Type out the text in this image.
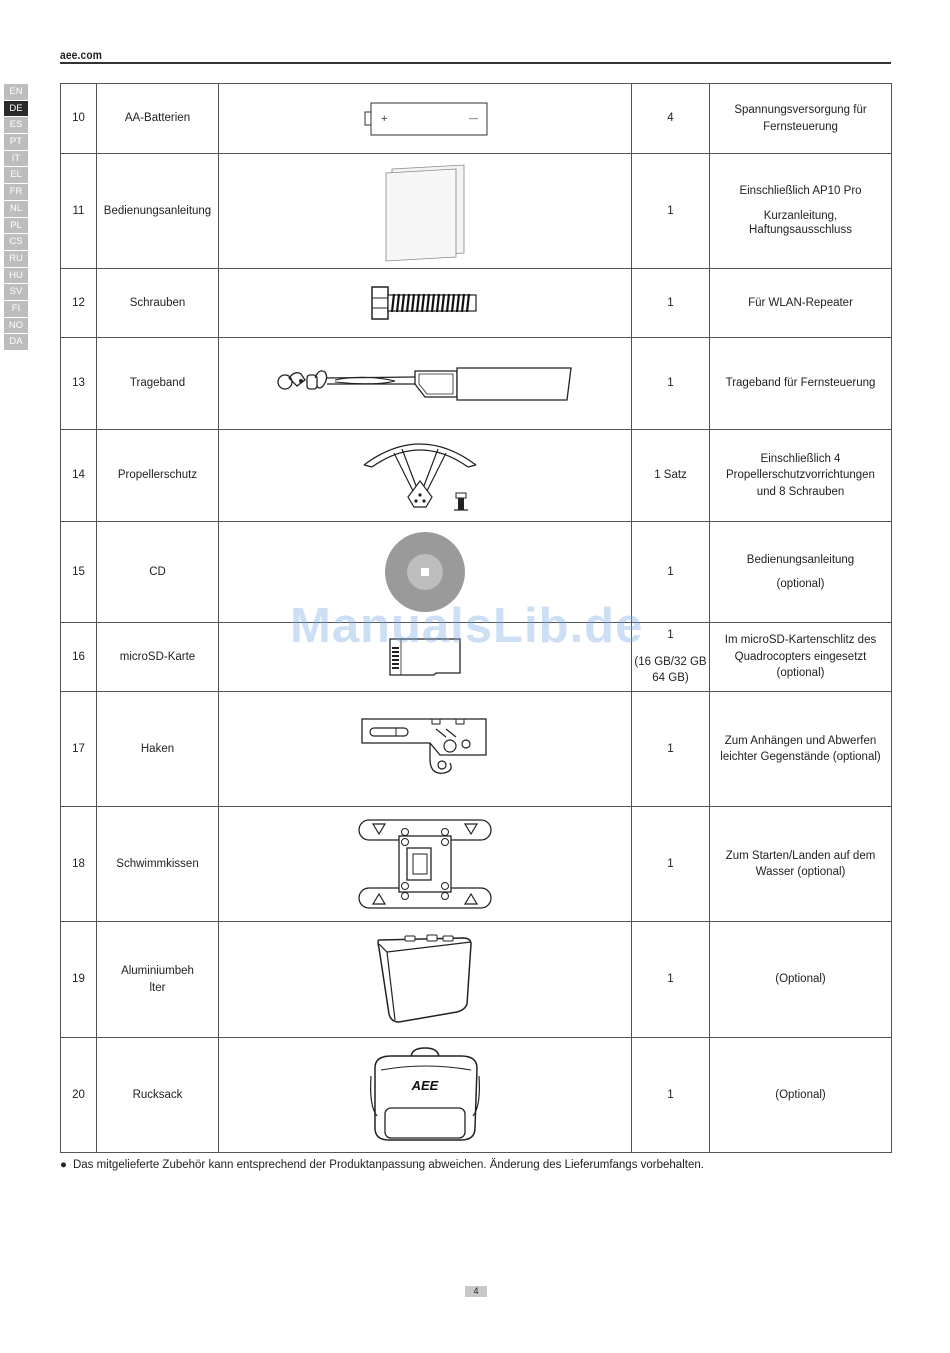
aee.com
EN
DE
ES
PT
IT
EL
FR
NL
PL
CS
RU
HU
SV
FI
NO
DA
10	AA-Batterien	+ —	4	Spannungsversorgung für
Fernsteuerung

11	Bedienungsanleitung		1	Einschließlich AP10 Pro
Kurzanleitung, Haftungsausschluss

12	Schrauben		1	Für WLAN-Repeater
13	Trageband		1	Trageband für Fernsteuerung
14	Propellerschutz		1 Satz	Einschließlich 4
Propellerschutzvorrichtungen
und 8 Schrauben

15	CD		1	Bedienungsanleitung
(optional)

16	microSD-Karte		1
(16 GB/32 GB
64 GB)	Im microSD-Kartenschlitz des
Quadrocopters eingesetzt
(optional)

17	Haken		1	Zum Anhängen und Abwerfen
leichter Gegenstände (optional)

18	Schwimmkissen		1	Zum Starten/Landen auf dem
Wasser (optional)

19	Aluminiumbeh
lter		1	(Optional)
20	Rucksack	AEE	1	(Optional)
● Das mitgelieferte Zubehör kann entsprechend der Produktanpassung abweichen. Änderung des Lieferumfangs vorbehalten.
ManualsLib.de
4
